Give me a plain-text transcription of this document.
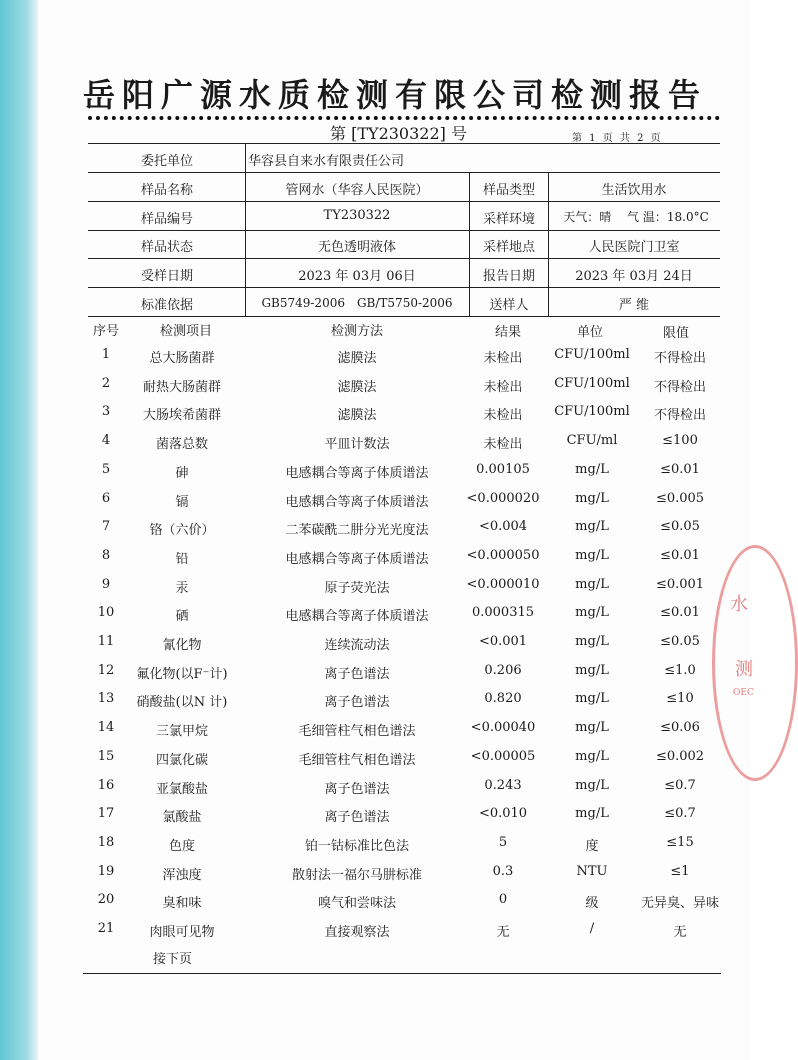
岳阳广源水质检测有限公司检测报告
第 [TY230322] 号	第 1 页 共 2 页
委托单位	华容县自来水有限责任公司
样品名称	管网水（华容人民医院）	样品类型	生活饮用水
样品编号	TY230322	采样环境 天气：晴　 气 温：18.0°C
样品状态	无色透明液体	采样地点	人民医院门卫室
受样日期	2023 年 03月 06日	报告日期	2023 年 03月 24日
标准依据	GB5749-2006　GB/T5750-2006	送样人	严 维
序号	检测项目	检测方法	结果	单位	限值
1	总大肠菌群	滤膜法	未检出 CFU/100ml 不得检出
2	耐热大肠菌群	滤膜法	未检出 CFU/100ml 不得检出
3	大肠埃希菌群	滤膜法	未检出 CFU/100ml 不得检出
4	菌落总数	平皿计数法	未检出	CFU/ml	≤100
5	砷	电感耦合等离子体质谱法	0.00105	mg/L	≤0.01
6	镉	电感耦合等离子体质谱法	<0.000020	mg/L	≤0.005
7	铬（六价）	二苯碳酰二肼分光光度法	<0.004	mg/L	≤0.05
8	铅	电感耦合等离子体质谱法	<0.000050	mg/L	≤0.01
9	汞	原子荧光法	<0.000010	mg/L	≤0.001
10	硒	电感耦合等离子体质谱法	0.000315	mg/L	≤0.01
11	氰化物	连续流动法	<0.001	mg/L	≤0.05
12 氟化物(以F⁻计)	离子色谱法	0.206	mg/L	≤1.0
13 硝酸盐(以N 计)	离子色谱法	0.820	mg/L	≤10
14	三氯甲烷	毛细管柱气相色谱法	<0.00040	mg/L	≤0.06
15	四氯化碳	毛细管柱气相色谱法	<0.00005	mg/L	≤0.002
16	亚氯酸盐	离子色谱法	0.243	mg/L	≤0.7
17	氯酸盐	离子色谱法	<0.010	mg/L	≤0.7
18	色度	铂一钴标准比色法	5	度	≤15
19	浑浊度	散射法一福尔马肼标准	0.3	NTU	≤1
20	臭和味	嗅气和尝味法	0	级	无异臭、异味
21	肉眼可见物	直接观察法	无	/	无
接下页
水
测
OEC
